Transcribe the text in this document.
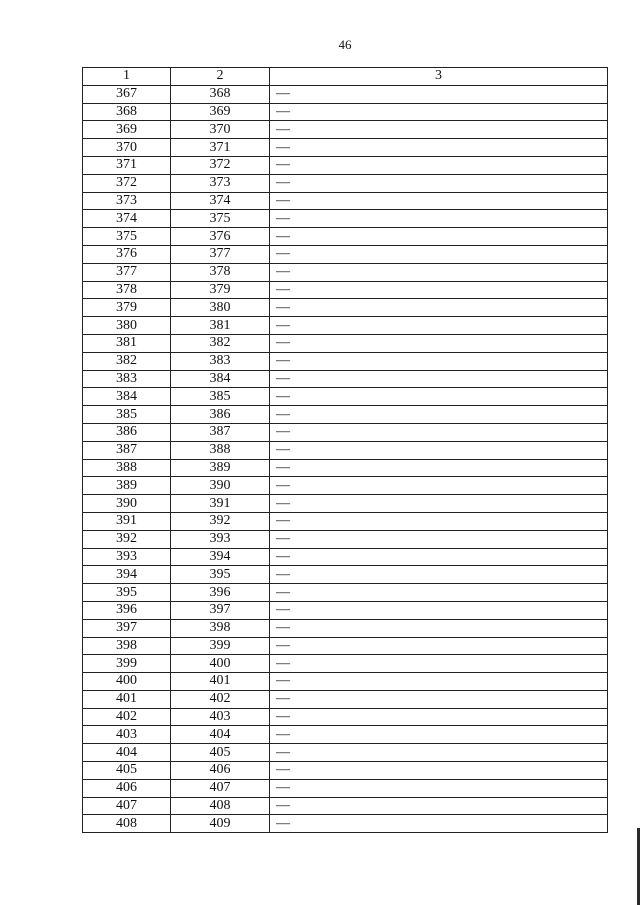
46
1	2	3
367	368	—
368	369	—
369	370	—
370	371	—
371	372	—
372	373	—
373	374	—
374	375	—
375	376	—
376	377	—
377	378	—
378	379	—
379	380	—
380	381	—
381	382	—
382	383	—
383	384	—
384	385	—
385	386	—
386	387	—
387	388	—
388	389	—
389	390	—
390	391	—
391	392	—
392	393	—
393	394	—
394	395	—
395	396	—
396	397	—
397	398	—
398	399	—
399	400	—
400	401	—
401	402	—
402	403	—
403	404	—
404	405	—
405	406	—
406	407	—
407	408	—
408	409	—
